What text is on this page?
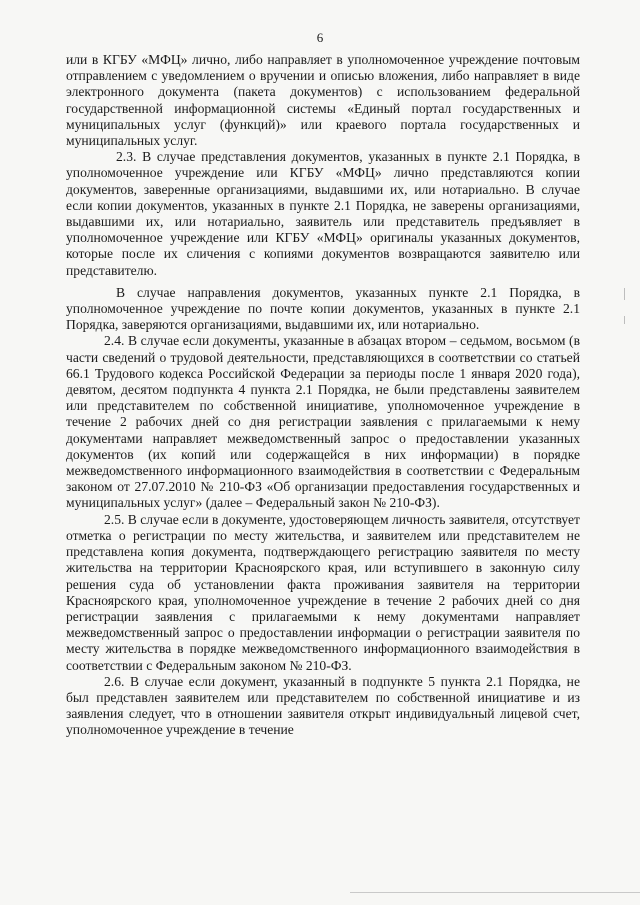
6

или в КГБУ «МФЦ» лично, либо направляет в уполномоченное учреждение почтовым отправлением с уведомлением о вручении и описью вложения, либо направляет в виде электронного документа (пакета документов) с использованием федеральной государственной информационной системы «Единый портал государственных и муниципальных услуг (функций)» или краевого портала государственных и муниципальных услуг.

2.3. В случае представления документов, указанных в пункте 2.1 Порядка, в уполномоченное учреждение или КГБУ «МФЦ» лично представляются копии документов, заверенные организациями, выдавшими их, или нотариально. В случае если копии документов, указанных в пункте 2.1 Порядка, не заверены организациями, выдавшими их, или нотариально, заявитель или представитель предъявляет в уполномоченное учреждение или КГБУ «МФЦ» оригиналы указанных документов, которые после их сличения с копиями документов возвращаются заявителю или представителю.

В случае направления документов, указанных пункте 2.1 Порядка, в уполномоченное учреждение по почте копии документов, указанных в пункте 2.1 Порядка, заверяются организациями, выдавшими их, или нотариально.

2.4. В случае если документы, указанные в абзацах втором – седьмом, восьмом (в части сведений о трудовой деятельности, представляющихся в соответствии со статьей 66.1 Трудового кодекса Российской Федерации за периоды после 1 января 2020 года), девятом, десятом подпункта 4 пункта 2.1 Порядка, не были представлены заявителем или представителем по собственной инициативе, уполномоченное учреждение в течение 2 рабочих дней со дня регистрации заявления с прилагаемыми к нему документами направляет межведомственный запрос о предоставлении указанных документов (их копий или содержащейся в них информации) в порядке межведомственного информационного взаимодействия в соответствии с Федеральным законом от 27.07.2010 № 210-ФЗ «Об организации предоставления государственных и муниципальных услуг» (далее – Федеральный закон № 210-ФЗ).

2.5. В случае если в документе, удостоверяющем личность заявителя, отсутствует отметка о регистрации по месту жительства, и заявителем или представителем не представлена копия документа, подтверждающего регистрацию заявителя по месту жительства на территории Красноярского края, или вступившего в законную силу решения суда об установлении факта проживания заявителя на территории Красноярского края, уполномоченное учреждение в течение 2 рабочих дней со дня регистрации заявления с прилагаемыми к нему документами направляет межведомственный запрос о предоставлении информации о регистрации заявителя по месту жительства в порядке межведомственного информационного взаимодействия в соответствии с Федеральным законом № 210-ФЗ.

2.6. В случае если документ, указанный в подпункте 5 пункта 2.1 Порядка, не был представлен заявителем или представителем по собственной инициативе и из заявления следует, что в отношении заявителя открыт индивидуальный лицевой счет, уполномоченное учреждение в течение
